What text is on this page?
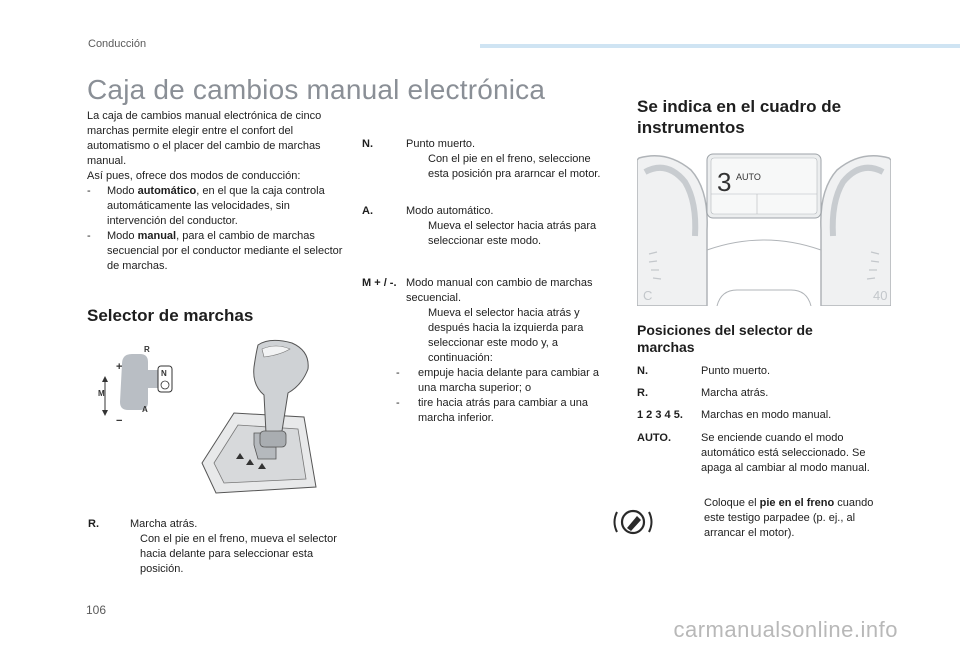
Conducción
Caja de cambios manual electrónica

La caja de cambios manual electrónica de cinco marchas permite elegir entre el confort del automatismo o el placer del cambio de marchas manual.

Así pues, ofrece dos modos de conducción:

-	Modo automático, en el que la caja controla automáticamente las velocidades, sin intervención del conductor.
-	Modo manual, para el cambio de marchas secuencial por el conductor mediante el selector de marchas.
Selector de marchas
R
N
M
A
+
−
R.	Marcha atrás.
Con el pie en el freno, mueva el selector hacia delante para seleccionar esta posición.
N.	Punto muerto.
Con el pie en el freno, seleccione esta posición pra ararncar el motor.
A.	Modo automático.
Mueva el selector hacia atrás para seleccionar este modo.
M + / -. Modo manual con cambio de marchas secuencial.
Mueva el selector hacia atrás y después hacia la izquierda para seleccionar este modo y, a continuación:
-	empuje hacia delante para cambiar a una marcha superior; o
-	tire hacia atrás para cambiar a una marcha inferior.
Se indica en el cuadro de instrumentos
3 AUTO
C	40
Posiciones del selector de marchas
N.	Punto muerto.
R.	Marcha atrás.
1 2 3 4 5.	Marchas en modo manual.
AUTO.	Se enciende cuando el modo automático está seleccionado. Se apaga al cambiar al modo manual.
Coloque el pie en el freno cuando este testigo parpadee (p. ej., al arrancar el motor).
106
carmanualsonline.info
